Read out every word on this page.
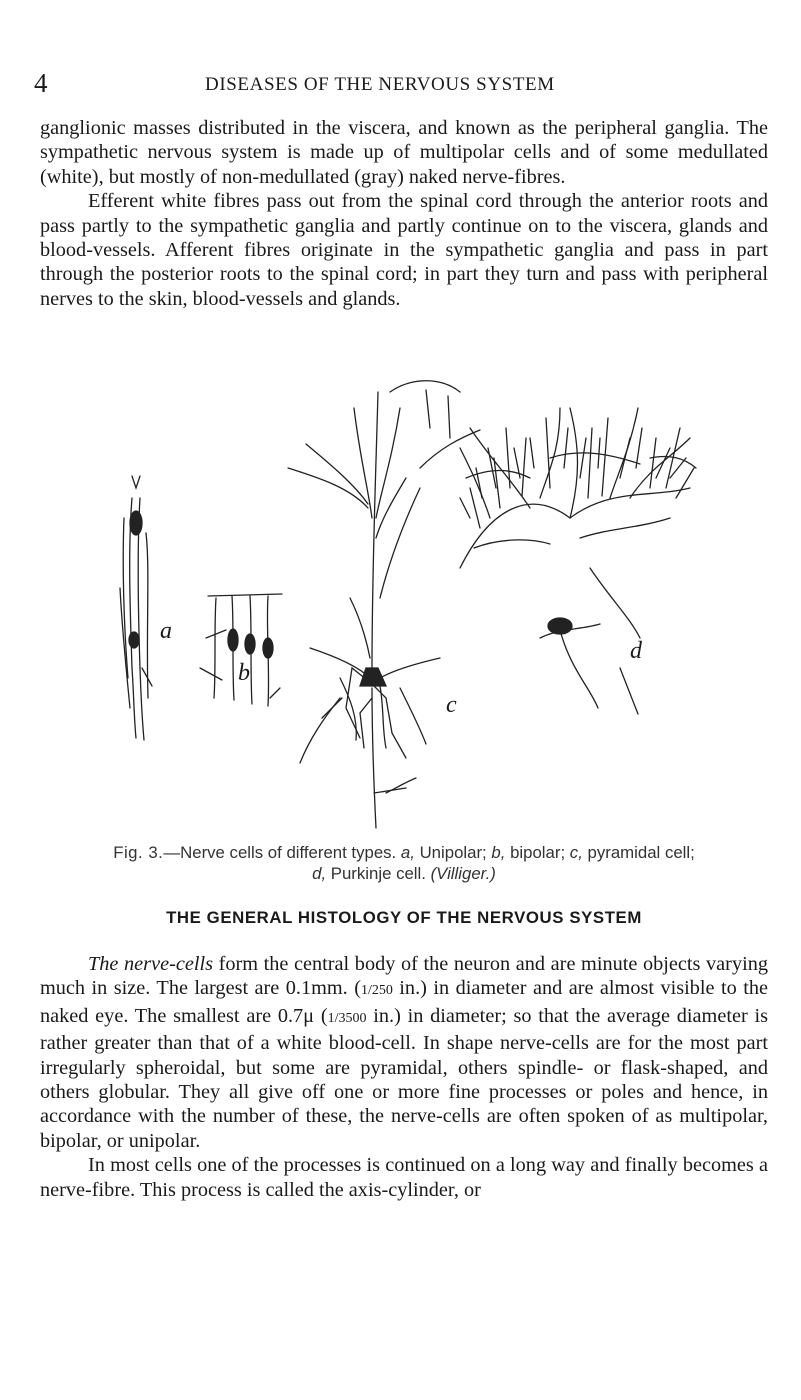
4	DISEASES OF THE NERVOUS SYSTEM

ganglionic masses distributed in the viscera, and known as the peripheral ganglia. The sympathetic nervous system is made up of multipolar cells and of some medullated (white), but mostly of non-medullated (gray) naked nerve-fibres.

Efferent white fibres pass out from the spinal cord through the anterior roots and pass partly to the sympathetic ganglia and partly continue on to the viscera, glands and blood-vessels. Afferent fibres originate in the sympathetic ganglia and pass in part through the posterior roots to the spinal cord; in part they turn and pass with peripheral nerves to the skin, blood-vessels and glands.

a
b
c
d
Fig. 3.—Nerve cells of different types. a, Unipolar; b, bipolar; c, pyramidal cell;
d, Purkinje cell. (Villiger.)
THE GENERAL HISTOLOGY OF THE NERVOUS SYSTEM

The nerve-cells form the central body of the neuron and are minute objects varying much in size. The largest are 0.1mm. (1/250 in.) in diameter and are almost visible to the naked eye. The smallest are 0.7μ (1/3500 in.) in diameter; so that the average diameter is rather greater than that of a white blood-cell. In shape nerve-cells are for the most part irregularly spheroidal, but some are pyramidal, others spindle- or flask-shaped, and others globular. They all give off one or more fine processes or poles and hence, in accordance with the number of these, the nerve-cells are often spoken of as multipolar, bipolar, or unipolar.

In most cells one of the processes is continued on a long way and finally becomes a nerve-fibre. This process is called the axis-cylinder, or
